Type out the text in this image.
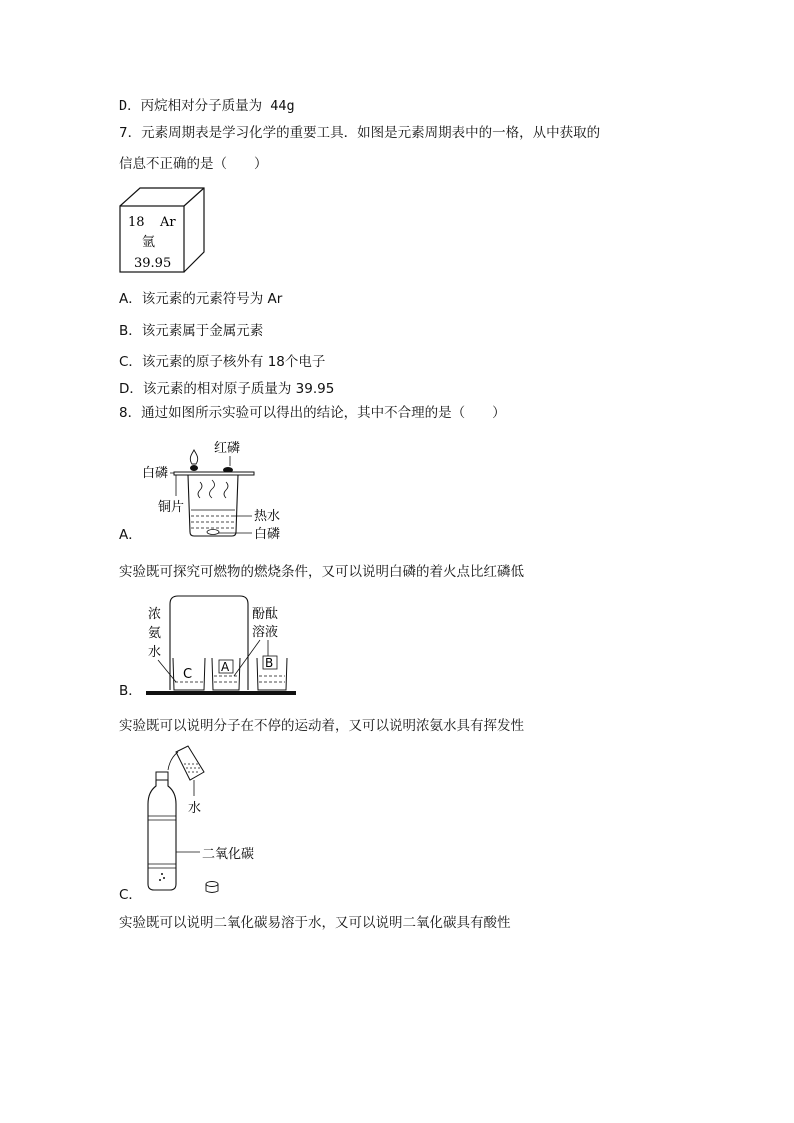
D．丙烷相对分子质量为 44g
7．元素周期表是学习化学的重要工具．如图是元素周期表中的一格，从中获取的
信息不正确的是（　　）
18 Ar
氩
39.95
A．该元素的元素符号为 Ar
B．该元素属于金属元素
C．该元素的原子核外有 18个电子
D．该元素的相对原子质量为 39.95
8．通过如图所示实验可以得出的结论，其中不合理的是（　　）
红磷
白磷
铜片
热水
白磷
A．
实验既可探究可燃物的燃烧条件，又可以说明白磷的着火点比红磷低
C A	B
浓
氨
水
酚酞
溶液
B．
实验既可以说明分子在不停的运动着，又可以说明浓氨水具有挥发性
水
二氧化碳
C．
实验既可以说明二氧化碳易溶于水，又可以说明二氧化碳具有酸性
